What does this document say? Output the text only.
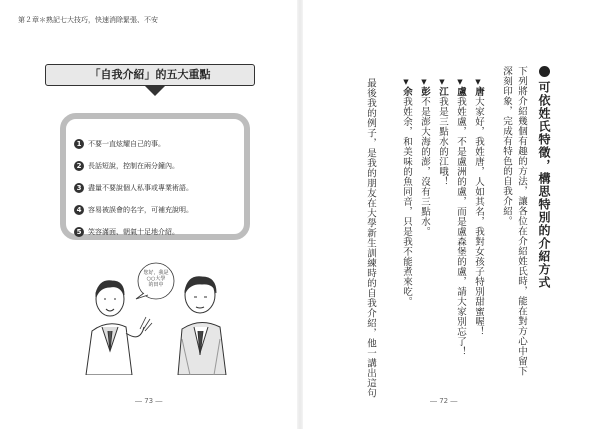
第２章＊熟記七大技巧，快速消除緊張、不安
「自我介紹」的五大重點
1 不要一直炫耀自己的事。
2 長話短說，控制在兩分鐘內。
3 盡量不要說個人私事或專業術語。
4 容易被誤會的名字，可補充說明。
5 笑容滿面、朝氣十足地介紹。
您好，我是
○○大學
的田中
― 73 ―
可依姓氏特徵，構思特別的介紹方式
下列將介紹幾個有趣的方法，讓各位在介紹姓氏時，能在對方心中留下
深刻印象，完成有特色的自我介紹。
▼唐大家好，我姓唐，人如其名，我對女孩子特別甜蜜喔！
▼盧我姓盧，不是盧洲的盧，而是盧森堡的盧，請大家別忘了！
▼江我是三點水的江哦！
▼彭不是澎大海的澎，沒有三點水。
▼余我姓余，和美味的魚同音，只是我不能煮來吃。
最後我的例子，是我的朋友在大學新生訓練時的自我介紹，他一講出這句
― 72 ―
